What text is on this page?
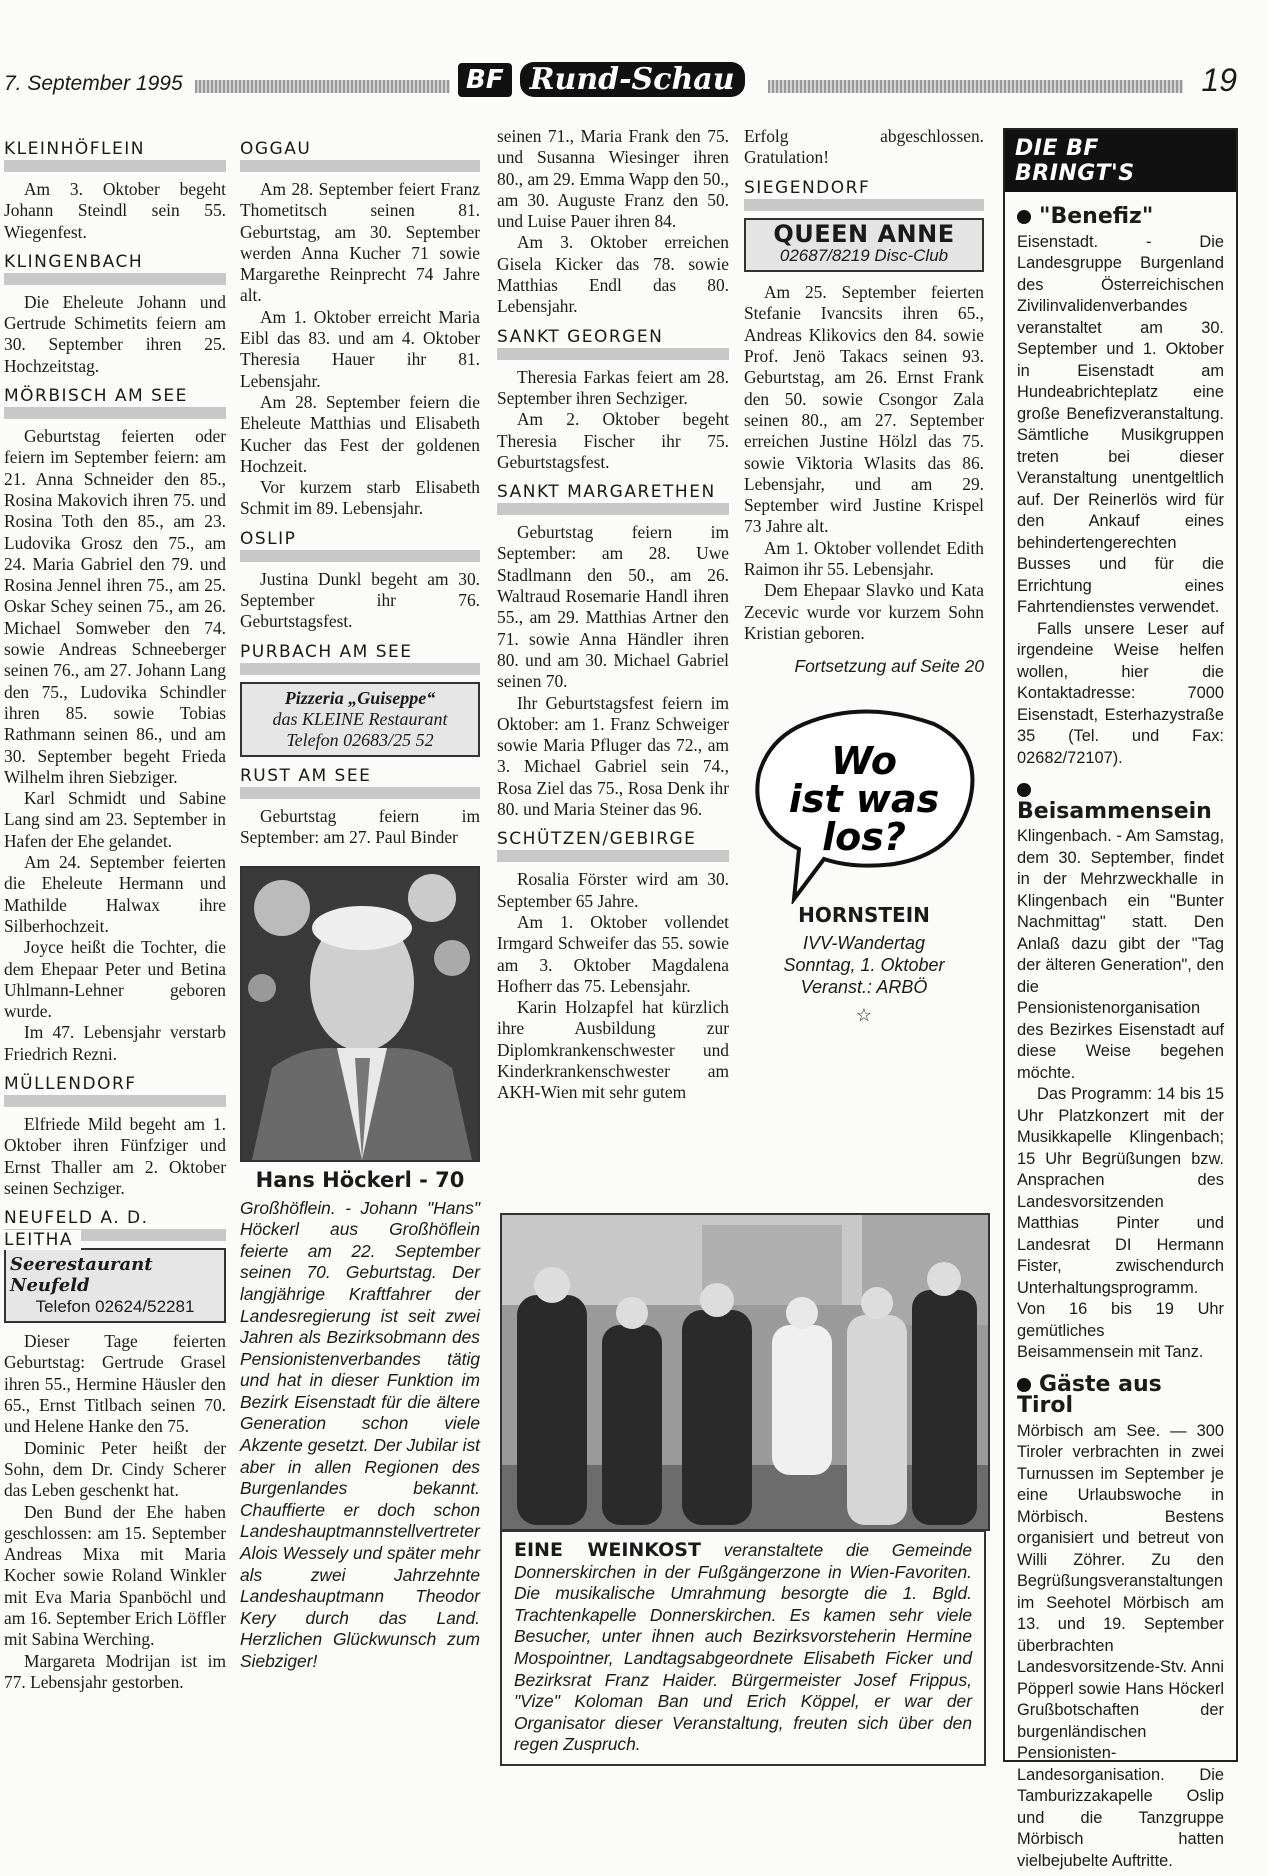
7. September 1995	BF Rund-Schau	19
KLEINHÖFLEIN

Am 3. Oktober begeht Johann Steindl sein 55. Wiegenfest.

KLINGENBACH

Die Eheleute Johann und Gertrude Schimetits feiern am 30. September ihren 25. Hochzeitstag.

MÖRBISCH AM SEE

Geburtstag feierten oder feiern im September feiern: am 21. Anna Schneider den 85., Rosina Makovich ihren 75. und Rosina Toth den 85., am 23. Ludovika Grosz den 75., am 24. Maria Gabriel den 79. und Rosina Jennel ihren 75., am 25. Oskar Schey seinen 75., am 26. Michael Somweber den 74. sowie Andreas Schneeberger seinen 76., am 27. Johann Lang den 75., Ludovika Schindler ihren 85. sowie Tobias Rathmann seinen 86., und am 30. September begeht Frieda Wilhelm ihren Siebziger.

Karl Schmidt und Sabine Lang sind am 23. September in Hafen der Ehe gelandet.

Am 24. September feierten die Eheleute Hermann und Mathilde Halwax ihre Silberhochzeit.

Joyce heißt die Tochter, die dem Ehepaar Peter und Betina Uhlmann-Lehner geboren wurde.

Im 47. Lebensjahr verstarb Friedrich Rezni.

MÜLLENDORF

Elfriede Mild begeht am 1. Oktober ihren Fünfziger und Ernst Thaller am 2. Oktober seinen Sechziger.

NEUFELD A. D. LEITHA
Seerestaurant Neufeld
Telefon 02624/52281

Dieser Tage feierten Geburtstag: Gertrude Grasel ihren 55., Hermine Häusler den 65., Ernst Titlbach seinen 70. und Helene Hanke den 75.

Dominic Peter heißt der Sohn, dem Dr. Cindy Scherer das Leben geschenkt hat.

Den Bund der Ehe haben geschlossen: am 15. September Andreas Mixa mit Maria Kocher sowie Roland Winkler mit Eva Maria Spanböchl und am 16. September Erich Löffler mit Sabina Werching.

Margareta Modrijan ist im 77. Lebensjahr gestorben.

OGGAU

Am 28. September feiert Franz Thometitsch seinen 81. Geburtstag, am 30. September werden Anna Kucher 71 sowie Margarethe Reinprecht 74 Jahre alt.

Am 1. Oktober erreicht Maria Eibl das 83. und am 4. Oktober Theresia Hauer ihr 81. Lebensjahr.

Am 28. September feiern die Eheleute Matthias und Elisabeth Kucher das Fest der goldenen Hochzeit.

Vor kurzem starb Elisabeth Schmit im 89. Lebensjahr.

OSLIP

Justina Dunkl begeht am 30. September ihr 76. Geburtstagsfest.

PURBACH AM SEE
Pizzeria „Guiseppe“
das KLEINE Restaurant
Telefon 02683/25 52
RUST AM SEE

Geburtstag feiern im September: am 27. Paul Binder

Hans Höckerl - 70

Großhöflein. - Johann "Hans" Höckerl aus Großhöflein feierte am 22. September seinen 70. Geburtstag. Der langjährige Kraftfahrer der Landesregierung ist seit zwei Jahren als Bezirksobmann des Pensionistenverbandes tätig und hat in dieser Funktion im Bezirk Eisenstadt für die ältere Generation schon viele Akzente gesetzt. Der Jubilar ist aber in allen Regionen des Burgenlandes bekannt. Chauffierte er doch schon Landeshauptmannstellvertreter Alois Wessely und später mehr als zwei Jahrzehnte Landeshauptmann Theodor Kery durch das Land. Herzlichen Glückwunsch zum Siebziger!

seinen 71., Maria Frank den 75. und Susanna Wiesinger ihren 80., am 29. Emma Wapp den 50., am 30. Auguste Franz den 50. und Luise Pauer ihren 84.

Am 3. Oktober erreichen Gisela Kicker das 78. sowie Matthias Endl das 80. Lebensjahr.

SANKT GEORGEN

Theresia Farkas feiert am 28. September ihren Sechziger.

Am 2. Oktober begeht Theresia Fischer ihr 75. Geburtstagsfest.

SANKT MARGARETHEN

Geburtstag feiern im September: am 28. Uwe Stadlmann den 50., am 26. Waltraud Rosemarie Handl ihren 55., am 29. Matthias Artner den 71. sowie Anna Händler ihren 80. und am 30. Michael Gabriel seinen 70.

Ihr Geburtstagsfest feiern im Oktober: am 1. Franz Schweiger sowie Maria Pfluger das 72., am 3. Michael Gabriel sein 74., Rosa Ziel das 75., Rosa Denk ihr 80. und Maria Steiner das 96.

SCHÜTZEN/GEBIRGE

Rosalia Förster wird am 30. September 65 Jahre.

Am 1. Oktober vollendet Irmgard Schweifer das 55. sowie am 3. Oktober Magdalena Hofherr das 75. Lebensjahr.

Karin Holzapfel hat kürzlich ihre Ausbildung zur Diplomkrankenschwester und Kinderkrankenschwester am AKH-Wien mit sehr gutem

Erfolg abgeschlossen. Gratulation!

SIEGENDORF
QUEEN ANNE
02687/8219 Disc-Club

Am 25. September feierten Stefanie Ivancsits ihren 65., Andreas Klikovics den 84. sowie Prof. Jenö Takacs seinen 93. Geburtstag, am 26. Ernst Frank den 50. sowie Csongor Zala seinen 80., am 27. September erreichen Justine Hölzl das 75. sowie Viktoria Wlasits das 86. Lebensjahr, und am 29. September wird Justine Krispel 73 Jahre alt.

Am 1. Oktober vollendet Edith Raimon ihr 55. Lebensjahr.

Dem Ehepaar Slavko und Kata Zecevic wurde vor kurzem Sohn Kristian geboren.

Fortsetzung auf Seite 20
Wo
ist was
los?
HORNSTEIN
IVV-Wandertag
Sonntag, 1. Oktober
Veranst.: ARBÖ
☆
EINE WEINKOST veranstaltete die Gemeinde Donnerskirchen in der Fußgängerzone in Wien-Favoriten. Die musikalische Umrahmung besorgte die 1. Bgld. Trachtenkapelle Donnerskirchen. Es kamen sehr viele Besucher, unter ihnen auch Bezirksvorsteherin Hermine Mospointner, Landtagsabgeordnete Elisabeth Ficker und Bezirksrat Franz Haider. Bürgermeister Josef Frippus, "Vize" Koloman Ban und Erich Köppel, er war der Organisator dieser Veranstaltung, freuten sich über den regen Zuspruch.
DIE BF BRINGT'S
"Benefiz"

Eisenstadt. - Die Landesgruppe Burgenland des Österreichischen Zivilinvalidenverbandes veranstaltet am 30. September und 1. Oktober in Eisenstadt am Hundeabrichteplatz eine große Benefizveranstaltung. Sämtliche Musikgruppen treten bei dieser Veranstaltung unentgeltlich auf. Der Reinerlös wird für den Ankauf eines behindertengerechten Busses und für die Errichtung eines Fahrtendienstes verwendet.

Falls unsere Leser auf irgendeine Weise helfen wollen, hier die Kontaktadresse: 7000 Eisenstadt, Esterhazystraße 35 (Tel. und Fax: 02682/72107).

Beisammensein

Klingenbach. - Am Samstag, dem 30. September, findet in der Mehrzweckhalle in Klingenbach ein "Bunter Nachmittag" statt. Den Anlaß dazu gibt der "Tag der älteren Generation", den die Pensionistenorganisation des Bezirkes Eisenstadt auf diese Weise begehen möchte.

Das Programm: 14 bis 15 Uhr Platzkonzert mit der Musikkapelle Klingenbach; 15 Uhr Begrüßungen bzw. Ansprachen des Landesvorsitzenden Matthias Pinter und Landesrat DI Hermann Fister, zwischendurch Unterhaltungsprogramm. Von 16 bis 19 Uhr gemütliches Beisammensein mit Tanz.

Gäste aus Tirol

Mörbisch am See. — 300 Tiroler verbrachten in zwei Turnussen im September je eine Urlaubswoche in Mörbisch. Bestens organisiert und betreut von Willi Zöhrer. Zu den Begrüßungsveranstaltungen im Seehotel Mörbisch am 13. und 19. September überbrachten Landesvorsitzende-Stv. Anni Pöpperl sowie Hans Höckerl Grußbotschaften der burgenländischen Pensionisten-Landesorganisation. Die Tamburizzakapelle Oslip und die Tanzgruppe Mörbisch hatten vielbejubelte Auftritte.
